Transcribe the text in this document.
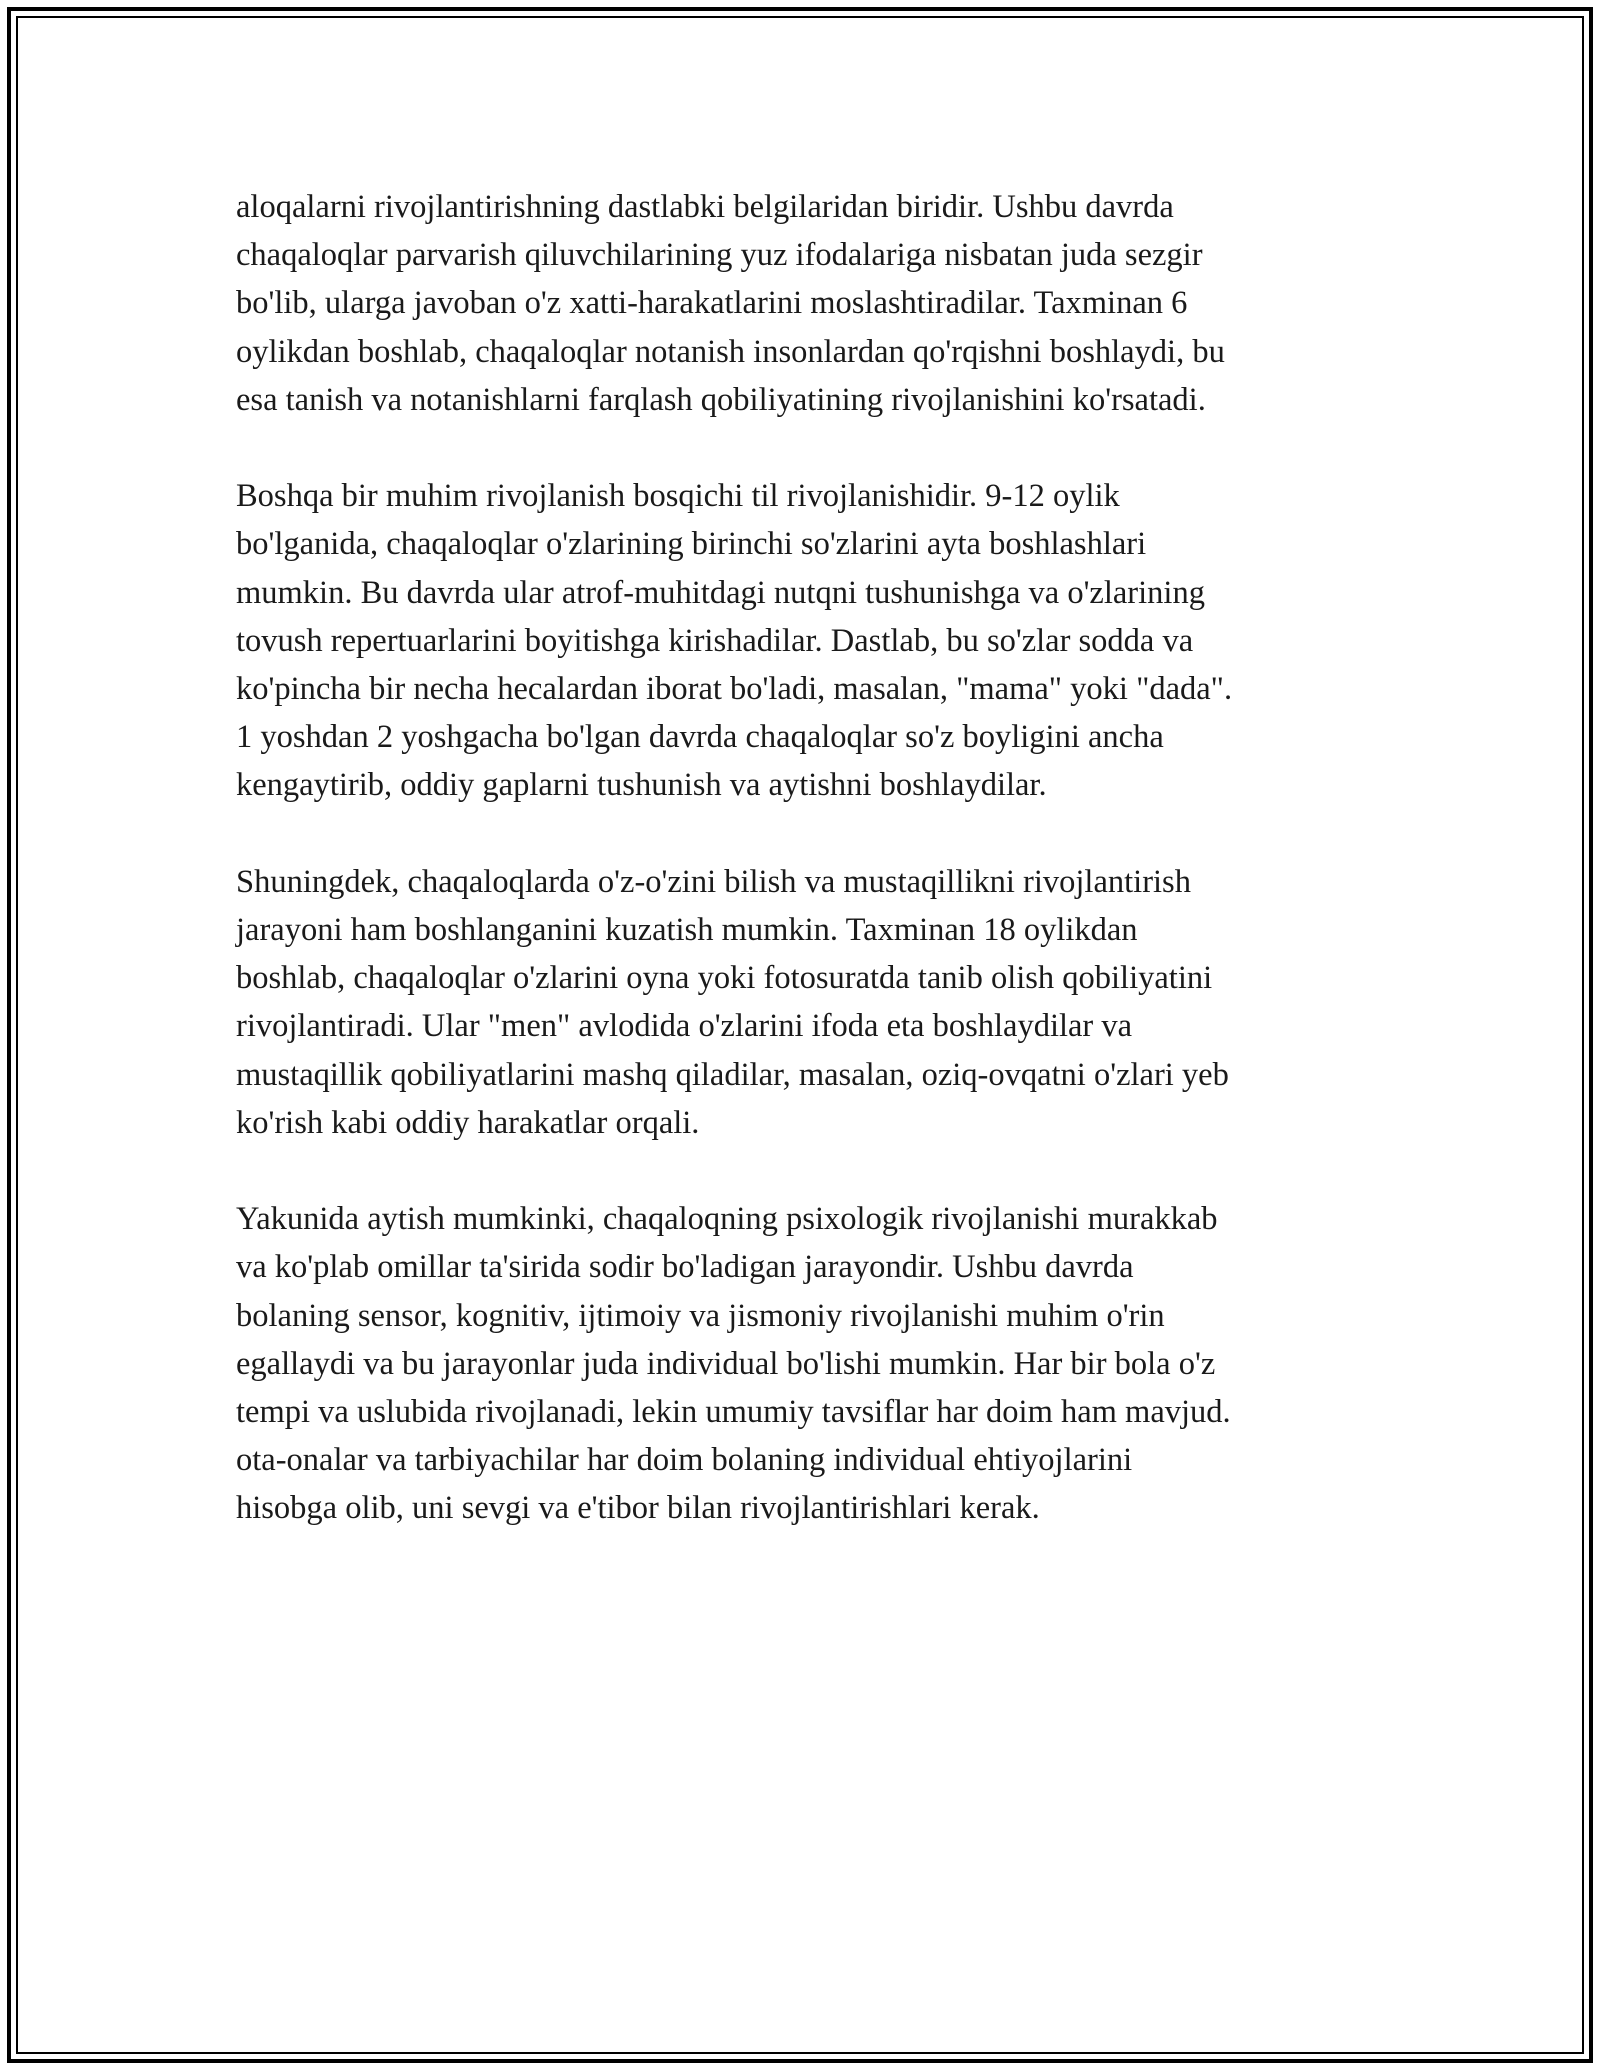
aloqalarni rivojlantirishning dastlabki belgilaridan biridir. Ushbu davrda
chaqaloqlar parvarish qiluvchilarining yuz ifodalariga nisbatan juda sezgir
bo'lib, ularga javoban o'z xatti-harakatlarini moslashtiradilar. Taxminan 6
oylikdan boshlab, chaqaloqlar notanish insonlardan qo'rqishni boshlaydi, bu
esa tanish va notanishlarni farqlash qobiliyatining rivojlanishini ko'rsatadi.

Boshqa bir muhim rivojlanish bosqichi til rivojlanishidir. 9-12 oylik
bo'lganida, chaqaloqlar o'zlarining birinchi so'zlarini ayta boshlashlari
mumkin. Bu davrda ular atrof-muhitdagi nutqni tushunishga va o'zlarining
tovush repertuarlarini boyitishga kirishadilar. Dastlab, bu so'zlar sodda va
ko'pincha bir necha hecalardan iborat bo'ladi, masalan, "mama" yoki "dada".
1 yoshdan 2 yoshgacha bo'lgan davrda chaqaloqlar so'z boyligini ancha
kengaytirib, oddiy gaplarni tushunish va aytishni boshlaydilar.

Shuningdek, chaqaloqlarda o'z-o'zini bilish va mustaqillikni rivojlantirish
jarayoni ham boshlanganini kuzatish mumkin. Taxminan 18 oylikdan
boshlab, chaqaloqlar o'zlarini oyna yoki fotosuratda tanib olish qobiliyatini
rivojlantiradi. Ular "men" avlodida o'zlarini ifoda eta boshlaydilar va
mustaqillik qobiliyatlarini mashq qiladilar, masalan, oziq-ovqatni o'zlari yeb
ko'rish kabi oddiy harakatlar orqali.

Yakunida aytish mumkinki, chaqaloqning psixologik rivojlanishi murakkab
va ko'plab omillar ta'sirida sodir bo'ladigan jarayondir. Ushbu davrda
bolaning sensor, kognitiv, ijtimoiy va jismoniy rivojlanishi muhim o'rin
egallaydi va bu jarayonlar juda individual bo'lishi mumkin. Har bir bola o'z
tempi va uslubida rivojlanadi, lekin umumiy tavsiflar har doim ham mavjud.
ota-onalar va tarbiyachilar har doim bolaning individual ehtiyojlarini
hisobga olib, uni sevgi va e'tibor bilan rivojlantirishlari kerak.
